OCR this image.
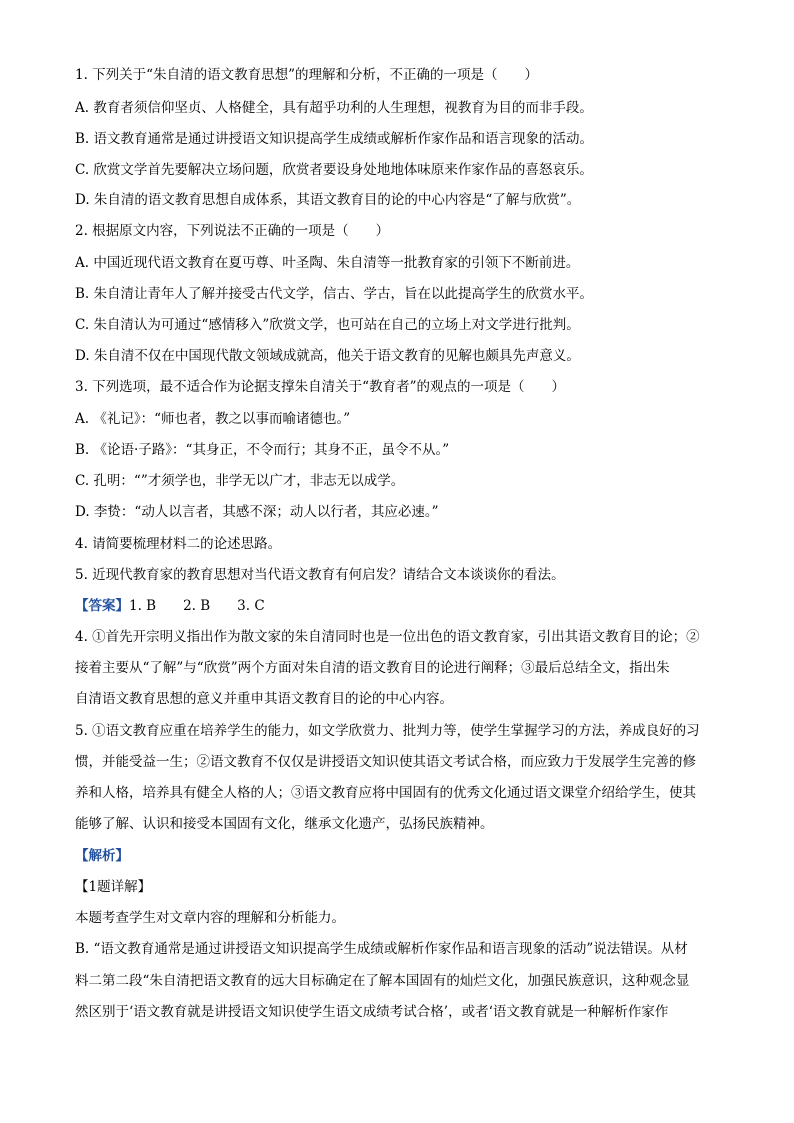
1. 下列关于“朱自清的语文教育思想”的理解和分析，不正确的一项是（　　）
A. 教育者须信仰坚贞、人格健全，具有超乎功利的人生理想，视教育为目的而非手段。
B. 语文教育通常是通过讲授语文知识提高学生成绩或解析作家作品和语言现象的活动。
C. 欣赏文学首先要解决立场问题，欣赏者要设身处地地体味原来作家作品的喜怒哀乐。
D. 朱自清的语文教育思想自成体系，其语文教育目的论的中心内容是“了解与欣赏”。
2. 根据原文内容，下列说法不正确的一项是（　　）
A. 中国近现代语文教育在夏丏尊、叶圣陶、朱自清等一批教育家的引领下不断前进。
B. 朱自清让青年人了解并接受古代文学，信古、学古，旨在以此提高学生的欣赏水平。
C. 朱自清认为可通过“感情移入”欣赏文学，也可站在自己的立场上对文学进行批判。
D. 朱自清不仅在中国现代散文领域成就高，他关于语文教育的见解也颇具先声意义。
3. 下列选项，最不适合作为论据支撑朱自清关于“教育者”的观点的一项是（　　）
A. 《礼记》：“师也者，教之以事而喻诸德也。”
B. 《论语·子路》：“其身正，不令而行；其身不正，虽令不从。”
C. 孔明：“”才须学也，非学无以广才，非志无以成学。
D. 李贽：“动人以言者，其感不深；动人以行者，其应必速。”
4. 请简要梳理材料二的论述思路。
5. 近现代教育家的教育思想对当代语文教育有何启发？请结合文本谈谈你的看法。
【答案】1. B　　2. B　　3. C
4. ①首先开宗明义指出作为散文家的朱自清同时也是一位出色的语文教育家，引出其语文教育目的论；②
接着主要从“了解”与“欣赏”两个方面对朱自清的语文教育目的论进行阐释；③最后总结全文，指出朱
自清语文教育思想的意义并重申其语文教育目的论的中心内容。
5. ①语文教育应重在培养学生的能力，如文学欣赏力、批判力等，使学生掌握学习的方法，养成良好的习
惯，并能受益一生；②语文教育不仅仅是讲授语文知识使其语文考试合格，而应致力于发展学生完善的修
养和人格，培养具有健全人格的人；③语文教育应将中国固有的优秀文化通过语文课堂介绍给学生，使其
能够了解、认识和接受本国固有文化，继承文化遗产，弘扬民族精神。
【解析】
【1题详解】
本题考查学生对文章内容的理解和分析能力。
B. “语文教育通常是通过讲授语文知识提高学生成绩或解析作家作品和语言现象的活动”说法错误。从材
料二第二段“朱自清把语文教育的远大目标确定在了解本国固有的灿烂文化，加强民族意识，这种观念显
然区别于‘语文教育就是讲授语文知识使学生语文成绩考试合格’，或者‘语文教育就是一种解析作家作
